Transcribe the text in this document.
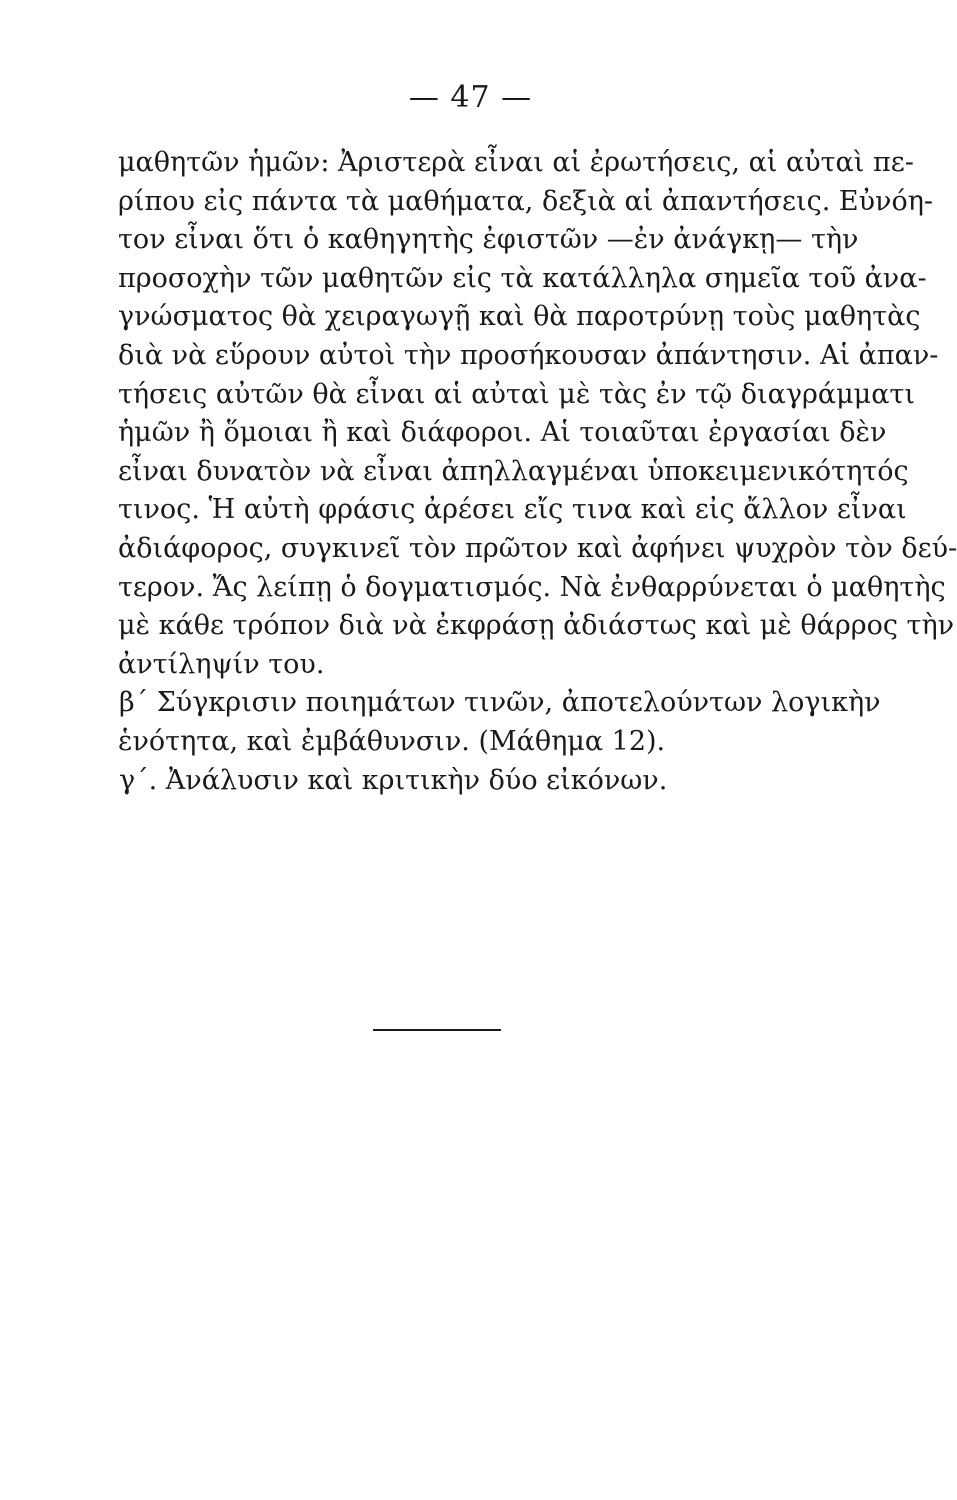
— 47 —
μαθητῶν ἡμῶν: Ἀριστερὰ εἶναι αἱ ἐρωτήσεις, αἱ αὐταὶ πε-
ρίπου εἰς πάντα τὰ μαθήματα, δεξιὰ αἱ ἀπαντήσεις. Εὐνόη-
τον εἶναι ὅτι ὁ καθηγητὴς ἐφιστῶν —ἐν ἀνάγκῃ— τὴν
προσοχὴν τῶν μαθητῶν εἰς τὰ κατάλληλα σημεῖα τοῦ ἀνα-
γνώσματος θὰ χειραγωγῇ καὶ θὰ παροτρύνῃ τοὺς μαθητὰς
διὰ νὰ εὕρουν αὐτοὶ τὴν προσήκουσαν ἀπάντησιν. Αἱ ἀπαν-
τήσεις αὐτῶν θὰ εἶναι αἱ αὐταὶ μὲ τὰς ἐν τῷ διαγράμματι
ἡμῶν ἢ ὅμοιαι ἢ καὶ διάφοροι. Αἱ τοιαῦται ἐργασίαι δὲν
εἶναι δυνατὸν νὰ εἶναι ἀπηλλαγμέναι ὑποκειμενικότητός
τινος. Ἡ αὐτὴ φράσις ἀρέσει εἴς τινα καὶ εἰς ἄλλον εἶναι
ἀδιάφορος, συγκινεῖ τὸν πρῶτον καὶ ἀφήνει ψυχρὸν τὸν δεύ-
τερον. Ἄς λείπῃ ὁ δογματισμός. Νὰ ἐνθαρρύνεται ὁ μαθητὴς
μὲ κάθε τρόπον διὰ νὰ ἐκφράσῃ ἀδιάστως καὶ μὲ θάρρος τὴν
ἀντίληψίν του.
β΄ Σύγκρισιν ποιημάτων τινῶν, ἀποτελούντων λογικὴν
ἑνότητα, καὶ ἐμβάθυνσιν. (Μάθημα 12).
γ΄. Ἀνάλυσιν καὶ κριτικὴν δύο εἰκόνων.
